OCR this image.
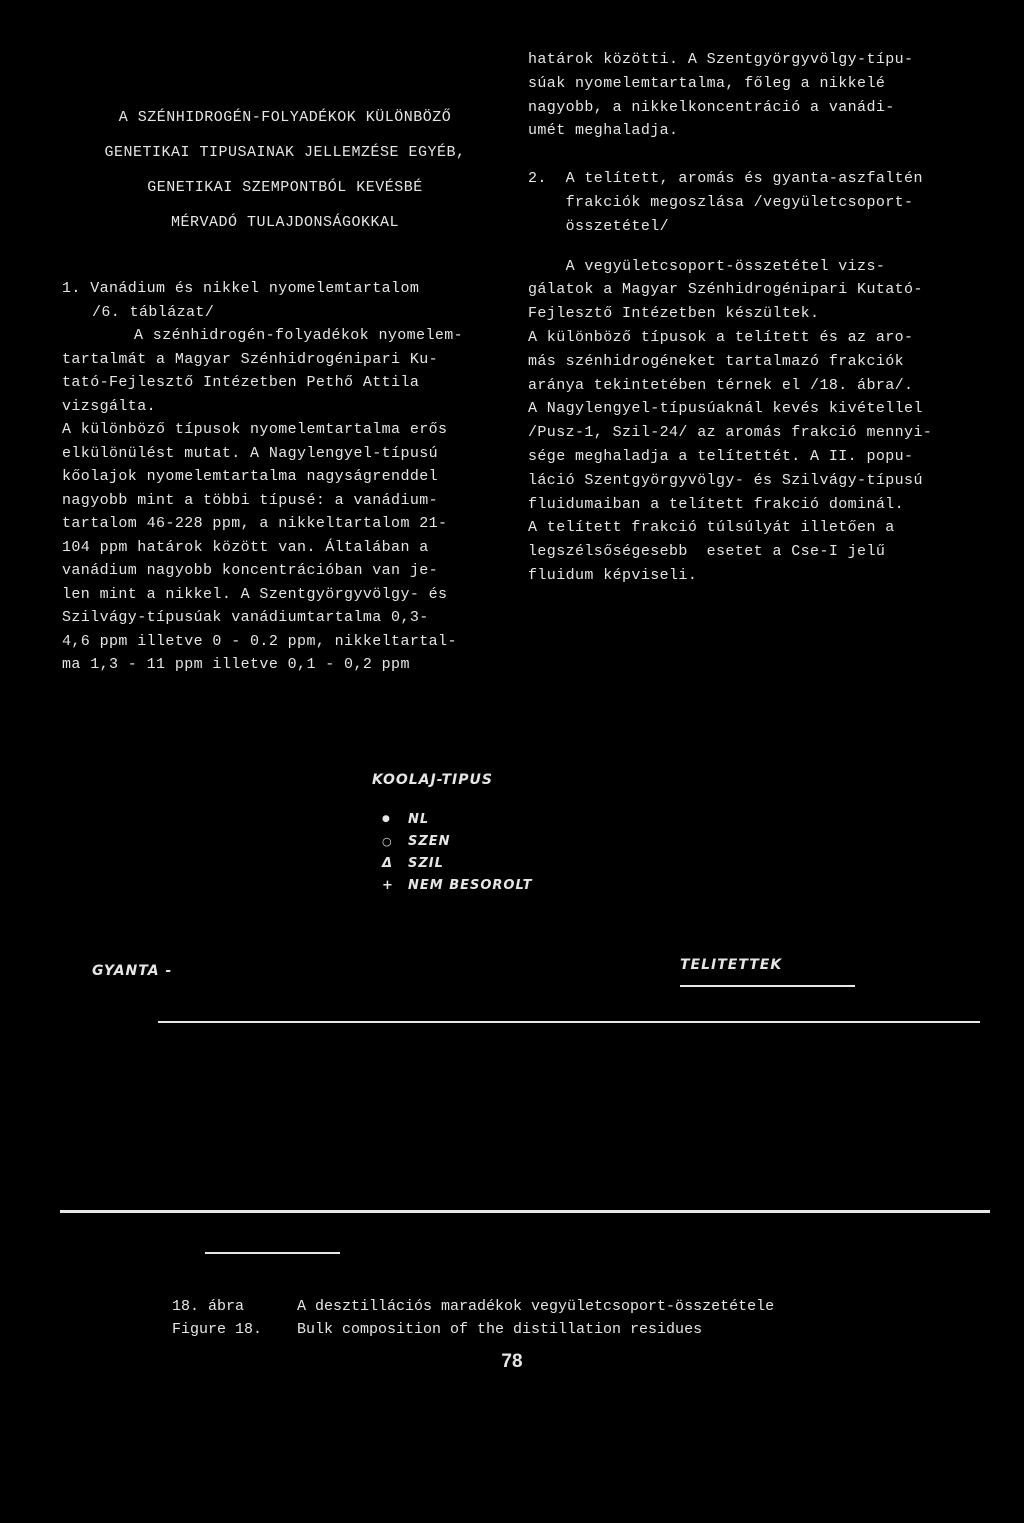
A SZÉNHIDROGÉN-FOLYADÉKOK KÜLÖNBÖZŐ
GENETIKAI TIPUSAINAK JELLEMZÉSE EGYÉB,
GENETIKAI SZEMPONTBÓL KEVÉSBÉ
MÉRVADÓ TULAJDONSÁGOKKAL

1. Vanádium és nikkel nyomelemtartalom

/6. táblázat/

A szénhidrogén-folyadékok nyomelem-

tartalmát a Magyar Szénhidrogénipari Ku-

tató-Fejlesztő Intézetben Pethő Attila

vizsgálta.

A különböző típusok nyomelemtartalma erős

elkülönülést mutat. A Nagylengyel-típusú

kőolajok nyomelemtartalma nagyságrenddel

nagyobb mint a többi típusé: a vanádium-

tartalom 46-228 ppm, a nikkeltartalom 21-

104 ppm határok között van. Általában a

vanádium nagyobb koncentrációban van je-

len mint a nikkel. A Szentgyörgyvölgy- és

Szilvágy-típusúak vanádiumtartalma 0,3-

4,6 ppm illetve 0 - 0.2 ppm, nikkeltartal-

ma 1,3 - 11 ppm illetve 0,1 - 0,2 ppm

határok közötti. A Szentgyörgyvölgy-típu-

súak nyomelemtartalma, főleg a nikkelé

nagyobb, a nikkelkoncentráció a vanádi-

umét meghaladja.

2.  A telített, aromás és gyanta-aszfaltén

frakciók megoszlása /vegyületcsoport-

összetétel/

A vegyületcsoport-összetétel vizs-

gálatok a Magyar Szénhidrogénipari Kutató-

Fejlesztő Intézetben készültek.

A különböző típusok a telített és az aro-

más szénhidrogéneket tartalmazó frakciók

aránya tekintetében térnek el /18. ábra/.

A Nagylengyel-típusúaknál kevés kivétellel

/Pusz-1, Szil-24/ az aromás frakció mennyi-

sége meghaladja a telítettét. A II. popu-

láció Szentgyörgyvölgy- és Szilvágy-típusú

fluidumaiban a telített frakció dominál.

A telített frakció túlsúlyát illetően a

legszélsőségesebb  esetet a Cse-I jelű

fluidum képviseli.

KOOLAJ-TIPUS
●	NL
○	SZEN
Δ	SZIL
+	NEM BESOROLT
GYANTA -	TELITETTEK
18. ábra	A desztillációs maradékok vegyületcsoport-összetétele
Figure 18.	Bulk composition of the distillation residues
78
